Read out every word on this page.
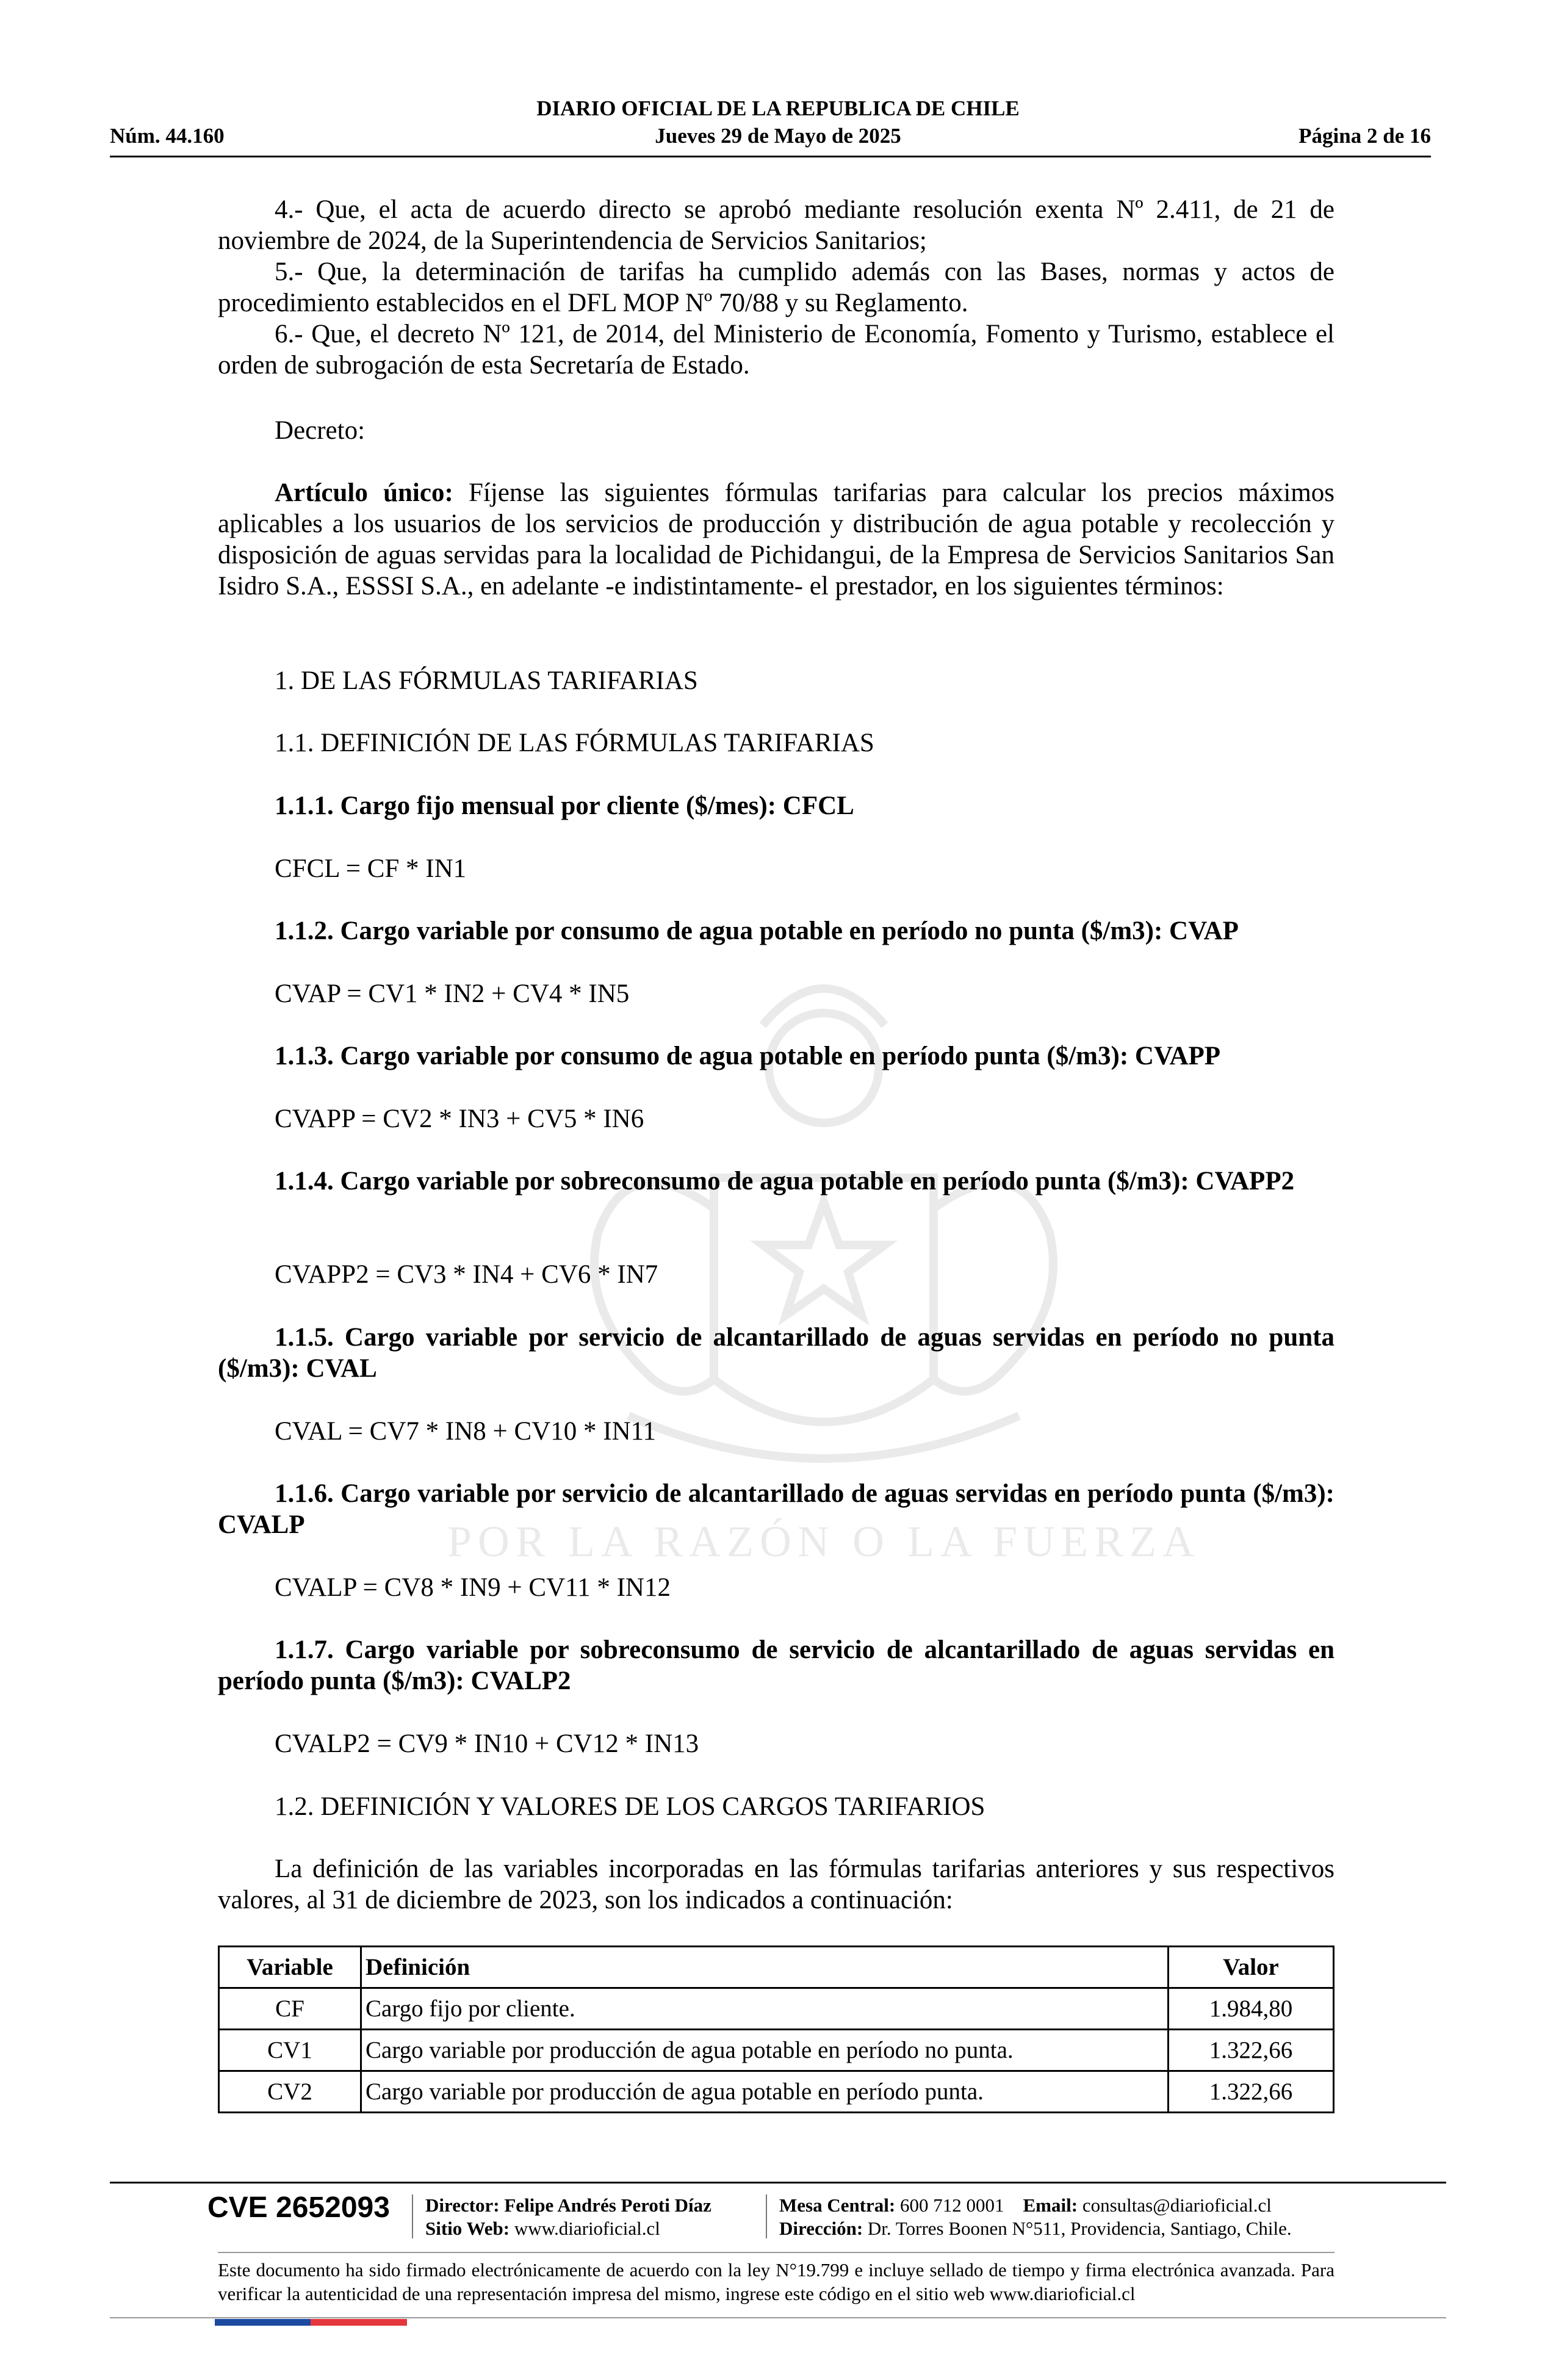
POR LA RAZÓN O LA FUERZA
DIARIO OFICIAL DE LA REPUBLICA DE CHILE
Núm. 44.160	Jueves 29 de Mayo de 2025	Página 2 de 16

4.- Que, el acta de acuerdo directo se aprobó mediante resolución exenta Nº 2.411, de 21 de noviembre de 2024, de la Superintendencia de Servicios Sanitarios;

5.- Que, la determinación de tarifas ha cumplido además con las Bases, normas y actos de procedimiento establecidos en el DFL MOP Nº 70/88 y su Reglamento.

6.- Que, el decreto Nº 121, de 2014, del Ministerio de Economía, Fomento y Turismo, establece el orden de subrogación de esta Secretaría de Estado.

Decreto:

Artículo único: Fíjense las siguientes fórmulas tarifarias para calcular los precios máximos aplicables a los usuarios de los servicios de producción y distribución de agua potable y recolección y disposición de aguas servidas para la localidad de Pichidangui, de la Empresa de Servicios Sanitarios San Isidro S.A., ESSSI S.A., en adelante -e indistintamente- el prestador, en los siguientes términos:

1. DE LAS FÓRMULAS TARIFARIAS
1.1. DEFINICIÓN DE LAS FÓRMULAS TARIFARIAS
1.1.1. Cargo fijo mensual por cliente ($/mes): CFCL
CFCL = CF * IN1
1.1.2. Cargo variable por consumo de agua potable en período no punta ($/m3): CVAP
CVAP = CV1 * IN2 + CV4 * IN5
1.1.3. Cargo variable por consumo de agua potable en período punta ($/m3): CVAPP
CVAPP = CV2 * IN3 + CV5 * IN6

1.1.4. Cargo variable por sobreconsumo de agua potable en período punta ($/m3): CVAPP2

CVAPP2 = CV3 * IN4 + CV6 * IN7

1.1.5. Cargo variable por servicio de alcantarillado de aguas servidas en período no punta ($/m3): CVAL

CVAL = CV7 * IN8 + CV10 * IN11

1.1.6. Cargo variable por servicio de alcantarillado de aguas servidas en período punta ($/m3): CVALP

CVALP = CV8 * IN9 + CV11 * IN12

1.1.7. Cargo variable por sobreconsumo de servicio de alcantarillado de aguas servidas en período punta ($/m3): CVALP2

CVALP2 = CV9 * IN10 + CV12 * IN13
1.2. DEFINICIÓN Y VALORES DE LOS CARGOS TARIFARIOS

La definición de las variables incorporadas en las fórmulas tarifarias anteriores y sus respectivos valores, al 31 de diciembre de 2023, son los indicados a continuación:

Variable	Definición	Valor
CF	Cargo fijo por cliente.	1.984,80
CV1	Cargo variable por producción de agua potable en período no punta.	1.322,66
CV2	Cargo variable por producción de agua potable en período punta.	1.322,66
CVE 2652093 Director: Felipe Andrés Peroti Díaz
Sitio Web: www.diarioficial.cl
Mesa Central: 600 712 0001 Email: consultas@diarioficial.cl
Dirección: Dr. Torres Boonen N°511, Providencia, Santiago, Chile.
Este documento ha sido firmado electrónicamente de acuerdo con la ley N°19.799 e incluye sellado de tiempo y firma electrónica avanzada. Para verificar la autenticidad de una representación impresa del mismo, ingrese este código en el sitio web www.diarioficial.cl
